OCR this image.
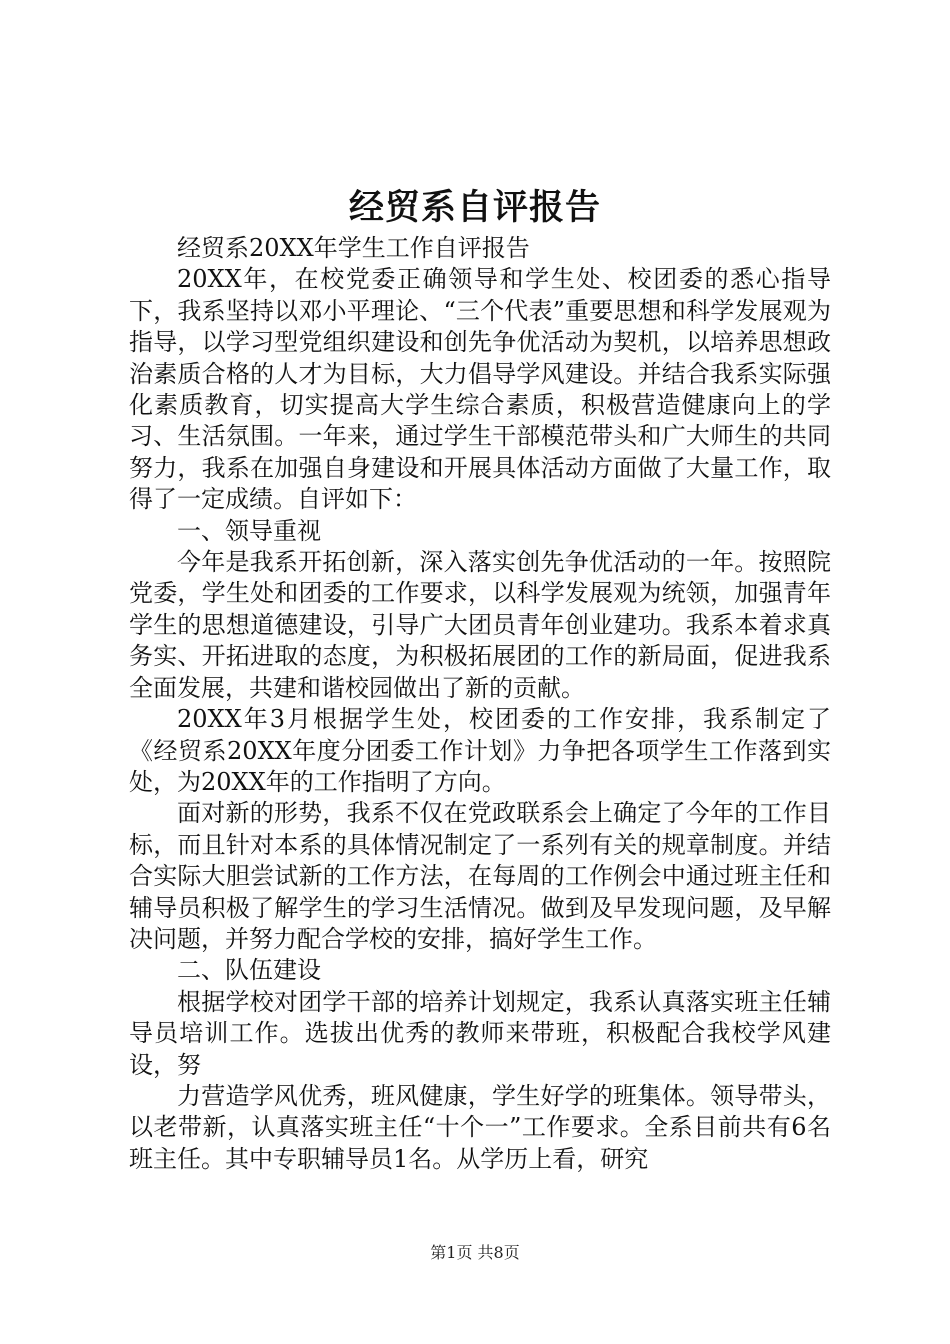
经贸系自评报告

经贸系20XX年学生工作自评报告

20XX年，在校党委正确领导和学生处、校团委的悉心指导下，我系坚持以邓小平理论、“三个代表”重要思想和科学发展观为指导，以学习型党组织建设和创先争优活动为契机，以培养思想政治素质合格的人才为目标，大力倡导学风建设。并结合我系实际强化素质教育，切实提高大学生综合素质，积极营造健康向上的学习、生活氛围。一年来，通过学生干部模范带头和广大师生的共同努力，我系在加强自身建设和开展具体活动方面做了大量工作，取得了一定成绩。自评如下：

一、领导重视

今年是我系开拓创新，深入落实创先争优活动的一年。按照院党委，学生处和团委的工作要求，以科学发展观为统领，加强青年学生的思想道德建设，引导广大团员青年创业建功。我系本着求真务实、开拓进取的态度，为积极拓展团的工作的新局面，促进我系全面发展，共建和谐校园做出了新的贡献。

20XX年3月根据学生处，校团委的工作安排，我系制定了《经贸系20XX年度分团委工作计划》力争把各项学生工作落到实处，为20XX年的工作指明了方向。

面对新的形势，我系不仅在党政联系会上确定了今年的工作目标，而且针对本系的具体情况制定了一系列有关的规章制度。并结合实际大胆尝试新的工作方法，在每周的工作例会中通过班主任和辅导员积极了解学生的学习生活情况。做到及早发现问题，及早解决问题，并努力配合学校的安排，搞好学生工作。

二、队伍建设

根据学校对团学干部的培养计划规定，我系认真落实班主任辅导员培训工作。选拔出优秀的教师来带班，积极配合我校学风建设，努

力营造学风优秀，班风健康，学生好学的班集体。领导带头，以老带新，认真落实班主任“十个一”工作要求。全系目前共有6名班主任。其中专职辅导员1名。从学历上看，研究

第1页 共8页
